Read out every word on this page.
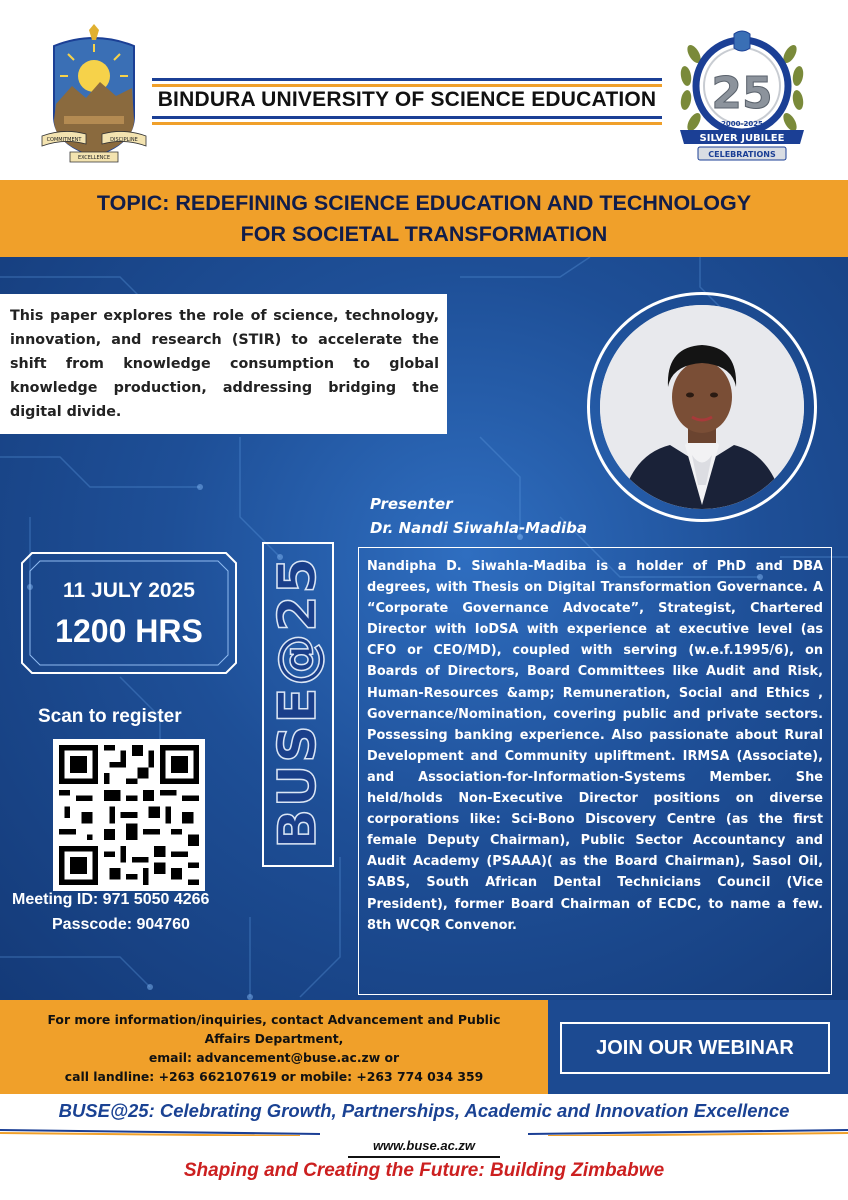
COMMITMENT	DISCIPLINE
EXCELLENCE
BINDURA UNIVERSITY OF SCIENCE EDUCATION 25
2000-2025
SILVER JUBILEE
CELEBRATIONS
TOPIC: REDEFINING SCIENCE EDUCATION AND TECHNOLOGY
FOR SOCIETAL TRANSFORMATION

This paper explores the role of science, technology, innovation, and research (STIR) to accelerate the shift from knowledge consumption to global knowledge production, addressing bridging the digital divide.

Presenter
Dr. Nandi Siwahla-Madiba
11 JULY 2025
1200 HRS
Scan to register
Meeting ID: 971 5050 4266
Passcode: 904760
BUSE@25	Nandipha D. Siwahla-Madiba is a holder of PhD and DBA degrees, with Thesis on Digital Transformation Governance. A “Corporate Governance Advocate”, Strategist, Chartered Director with IoDSA with experience at executive level (as CFO or CEO/MD), coupled with serving (w.e.f.1995/6), on Boards of Directors, Board Committees like Audit and Risk, Human-Resources &amp; Remuneration, Social and Ethics , Governance/Nomination, covering public and private sectors. Possessing banking experience. Also passionate about Rural Development and Community upliftment. IRMSA (Associate), and Association-for-Information-Systems Member. She held/holds Non-Executive Director positions on diverse corporations like: Sci-Bono Discovery Centre (as the first female Deputy Chairman), Public Sector Accountancy and Audit Academy (PSAAA)( as the Board Chairman), Sasol Oil, SABS, South African Dental Technicians Council (Vice President), former Board Chairman of ECDC, to name a few. 8th WCQR Convenor.

For more information/inquiries, contact Advancement and Public
Affairs Department,
email: advancement@buse.ac.zw or
call landline: +263 662107619 or mobile: +263 774 034 359
JOIN OUR WEBINAR
BUSE@25: Celebrating Growth, Partnerships, Academic and Innovation Excellence
www.buse.ac.zw
Shaping and Creating the Future: Building Zimbabwe
